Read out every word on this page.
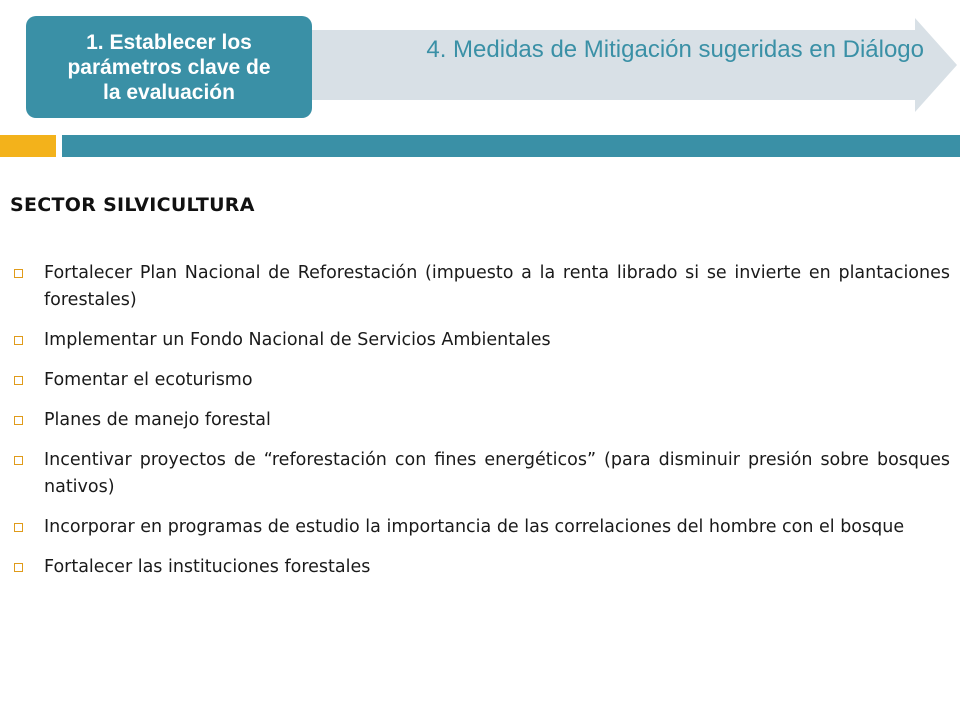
1. Establecer los
parámetros clave de
la evaluación
4. Medidas de Mitigación sugeridas en Diálogo
SECTOR SILVICULTURA
Fortalecer Plan Nacional de Reforestación (impuesto a la renta librado si se invierte en plantaciones forestales)
Implementar un Fondo Nacional de Servicios Ambientales
Fomentar el ecoturismo
Planes de manejo forestal
Incentivar proyectos de “reforestación con fines energéticos” (para disminuir presión sobre bosques nativos)
Incorporar en programas de estudio la importancia de las correlaciones del hombre con el bosque
Fortalecer las instituciones forestales
